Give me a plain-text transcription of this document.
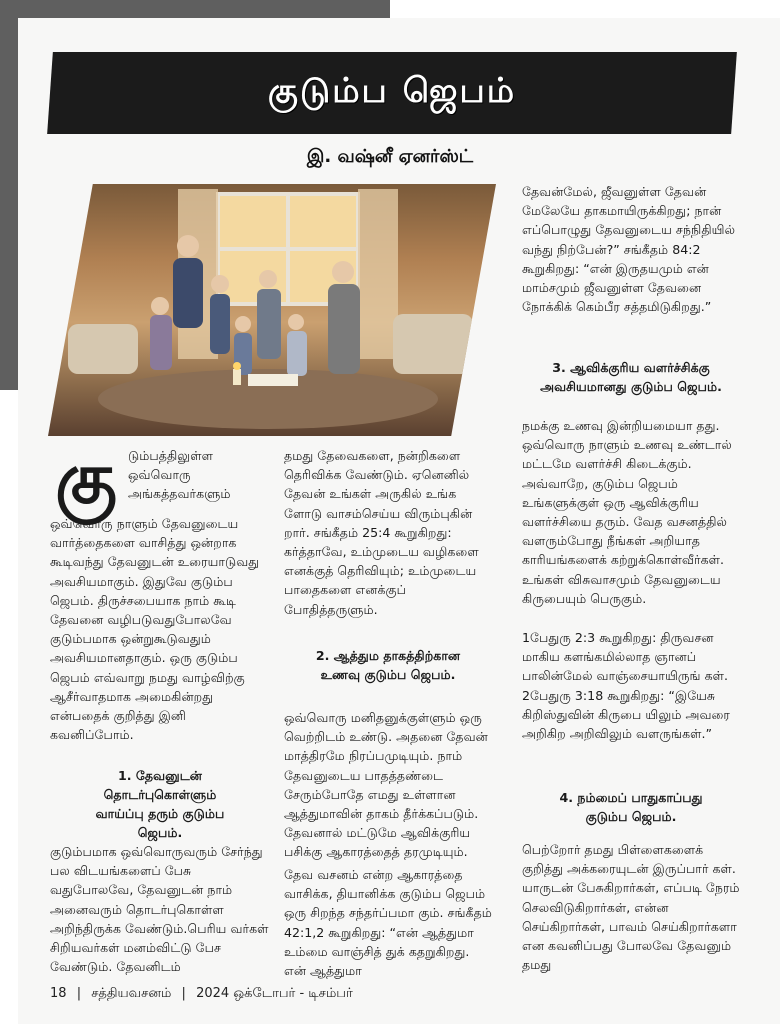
குடும்ப ஜெபம்
இ. வஷ்னீ ஏனர்ஸ்ட்
கு டும்பத்திலுள்ள
ஒவ்வொரு
அங்கத்தவர்களும்

ஒவ்வொரு நாளும் தேவனுடைய வார்த்தைகளை வாசித்து ஒன்றாக கூடிவந்து தேவனுடன் உரையாடுவது அவசியமாகும். இதுவே குடும்ப ஜெபம். திருச்சபையாக நாம் கூடி தேவனை வழிபடுவதுபோலவே குடும்பமாக ஒன்றுகூடுவதும் அவசியமானதாகும். ஒரு குடும்ப ஜெபம் எவ்வாறு நமது வாழ்விற்கு ஆசீர்வாதமாக அமைகின்றது என்பதைக் குறித்து இனி கவனிப்போம்.

1. தேவனுடன் தொடர்புகொள்ளும் வாய்ப்பு தரும் குடும்ப ஜெபம்.

குடும்பமாக ஒவ்வொருவரும் சேர்ந்து பல விடயங்களைப் பேசு வதுபோலவே, தேவனுடன் நாம் அனைவரும் தொடர்புகொள்ள அறிந்திருக்க வேண்டும்.பெரிய வர்கள் சிறியவர்கள் மனம்விட்டு பேச வேண்டும். தேவனிடம்

தமது தேவைகளை, நன்றிகளை தெரிவிக்க வேண்டும். ஏனெனில் தேவன் உங்கள் அருகில் உங்க ளோடு வாசம்செய்ய விரும்புகின் றார். சங்கீதம் 25:4 கூறுகிறது: கர்த்தாவே, உம்முடைய வழிகளை எனக்குத் தெரிவியும்; உம்முடைய பாதைகளை எனக்குப் போதித்தருளும்.

2. ஆத்தும தாகத்திற்கான உணவு குடும்ப ஜெபம்.

ஒவ்வொரு மனிதனுக்குள்ளும் ஒரு வெற்றிடம் உண்டு. அதனை தேவன் மாத்திரமே நிரப்பமுடியும். நாம் தேவனுடைய பாதத்தண்டை சேரும்போதே எமது உள்ளான ஆத்துமாவின் தாகம் தீர்க்கப்படும். தேவனால் மட்டுமே ஆவிக்குரிய பசிக்கு ஆகாரத்தைத் தரமுடியும்.

தேவ வசனம் என்ற ஆகாரத்தை வாசிக்க, தியானிக்க குடும்ப ஜெபம் ஒரு சிறந்த சந்தர்ப்பமா கும். சங்கீதம் 42:1,2 கூறுகிறது: “என் ஆத்துமா உம்மை வாஞ்சித் துக் கதறுகிறது. என் ஆத்துமா

தேவன்மேல், ஜீவனுள்ள தேவன் மேலேயே தாகமாயிருக்கிறது; நான் எப்பொழுது தேவனுடைய சந்நிதியில் வந்து நிற்பேன்?” சங்கீதம் 84:2 கூறுகிறது: “என் இருதயமும் என் மாம்சமும் ஜீவனுள்ள தேவனை நோக்கிக் கெம்பீர சத்தமிடுகிறது.”

3. ஆவிக்குரிய வளர்ச்சிக்கு அவசியமானது குடும்ப ஜெபம்.

நமக்கு உணவு இன்றியமையா தது. ஒவ்வொரு நாளும் உணவு உண்டால் மட்டமே வளர்ச்சி கிடைக்கும். அவ்வாறே, குடும்ப ஜெபம் உங்களுக்குள் ஒரு ஆவிக்குரிய வளர்ச்சியை தரும். வேத வசனத்தில் வளரும்போது நீங்கள் அறியாத காரியங்களைக் கற்றுக்கொள்வீர்கள். உங்கள் விசுவாசமும் தேவனுடைய கிருபையும் பெருகும்.

1பேதுரு 2:3 கூறுகிறது: திருவசன மாகிய களங்கமில்லாத ஞானப் பாலின்மேல் வாஞ்சையாயிருங் கள். 2பேதுரு 3:18 கூறுகிறது: “இயேசு கிறிஸ்துவின் கிருபை யிலும் அவரை அறிகிற அறிவிலும் வளருங்கள்.”

4. நம்மைப் பாதுகாப்பது குடும்ப ஜெபம்.

பெற்றோர் தமது பிள்ளைகளைக் குறித்து அக்கரையுடன் இருப்பார் கள். யாருடன் பேசுகிறார்கள், எப்படி நேரம் செலவிடுகிறார்கள், என்ன செய்கிறார்கள், பாவம் செய்கிறார்களா என கவனிப்பது போலவே தேவனும் தமது

18 | சத்தியவசனம் | 2024 ஒக்டோபர் - டிசம்பர்
